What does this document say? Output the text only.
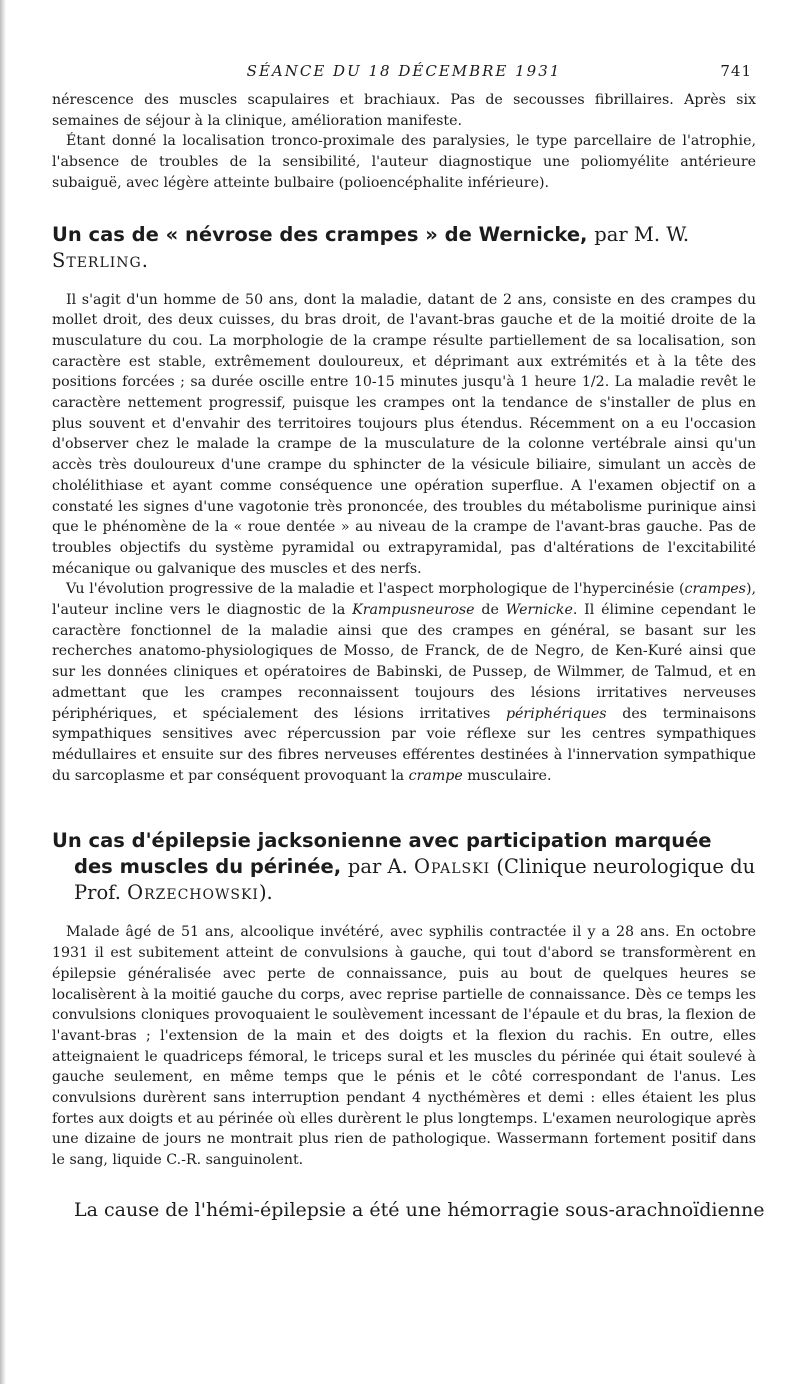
SÉANCE DU 18 DÉCEMBRE 1931	741

nérescence des muscles scapulaires et brachiaux. Pas de secousses fibrillaires. Après six semaines de séjour à la clinique, amélioration manifeste.

Étant donné la localisation tronco-proximale des paralysies, le type parcellaire de l'atrophie, l'absence de troubles de la sensibilité, l'auteur diagnostique une poliomyélite antérieure subaiguë, avec légère atteinte bulbaire (polioencéphalite inférieure).

Un cas de « névrose des crampes » de Wernicke, par M. W. Sterling.

Il s'agit d'un homme de 50 ans, dont la maladie, datant de 2 ans, consiste en des crampes du mollet droit, des deux cuisses, du bras droit, de l'avant-bras gauche et de la moitié droite de la musculature du cou. La morphologie de la crampe résulte partiellement de sa localisation, son caractère est stable, extrêmement douloureux, et déprimant aux extrémités et à la tête des positions forcées ; sa durée oscille entre 10-15 minutes jusqu'à 1 heure 1/2. La maladie revêt le caractère nettement progressif, puisque les crampes ont la tendance de s'installer de plus en plus souvent et d'envahir des territoires toujours plus étendus. Récemment on a eu l'occasion d'observer chez le malade la crampe de la musculature de la colonne vertébrale ainsi qu'un accès très douloureux d'une crampe du sphincter de la vésicule biliaire, simulant un accès de cholélithiase et ayant comme conséquence une opération superflue. A l'examen objectif on a constaté les signes d'une vagotonie très prononcée, des troubles du métabolisme purinique ainsi que le phénomène de la « roue dentée » au niveau de la crampe de l'avant-bras gauche. Pas de troubles objectifs du système pyramidal ou extrapyramidal, pas d'altérations de l'excitabilité mécanique ou galvanique des muscles et des nerfs.

Vu l'évolution progressive de la maladie et l'aspect morphologique de l'hypercinésie (crampes), l'auteur incline vers le diagnostic de la Krampusneurose de Wernicke. Il élimine cependant le caractère fonctionnel de la maladie ainsi que des crampes en général, se basant sur les recherches anatomo-physiologiques de Mosso, de Franck, de de Negro, de Ken-Kuré ainsi que sur les données cliniques et opératoires de Babinski, de Pussep, de Wilmmer, de Talmud, et en admettant que les crampes reconnaissent toujours des lésions irritatives nerveuses périphériques, et spécialement des lésions irritatives périphériques des terminaisons sympathiques sensitives avec répercussion par voie réflexe sur les centres sympathiques médullaires et ensuite sur des fibres nerveuses efférentes destinées à l'innervation sympathique du sarcoplasme et par conséquent provoquant la crampe musculaire.

Un cas d'épilepsie jacksonienne avec participation marquée des muscles du périnée, par A. Opalski (Clinique neurologique du Prof. Orzechowski).

Malade âgé de 51 ans, alcoolique invétéré, avec syphilis contractée il y a 28 ans. En octobre 1931 il est subitement atteint de convulsions à gauche, qui tout d'abord se transformèrent en épilepsie généralisée avec perte de connaissance, puis au bout de quelques heures se localisèrent à la moitié gauche du corps, avec reprise partielle de connaissance. Dès ce temps les convulsions cloniques provoquaient le soulèvement incessant de l'épaule et du bras, la flexion de l'avant-bras ; l'extension de la main et des doigts et la flexion du rachis. En outre, elles atteignaient le quadriceps fémoral, le triceps sural et les muscles du périnée qui était soulevé à gauche seulement, en même temps que le pénis et le côté correspondant de l'anus. Les convulsions durèrent sans interruption pendant 4 nycthémères et demi : elles étaient les plus fortes aux doigts et au périnée où elles durèrent le plus longtemps. L'examen neurologique après une dizaine de jours ne montrait plus rien de pathologique. Wassermann fortement positif dans le sang, liquide C.-R. sanguinolent.

La cause de l'hémi-épilepsie a été une hémorragie sous-arachnoïdienne
